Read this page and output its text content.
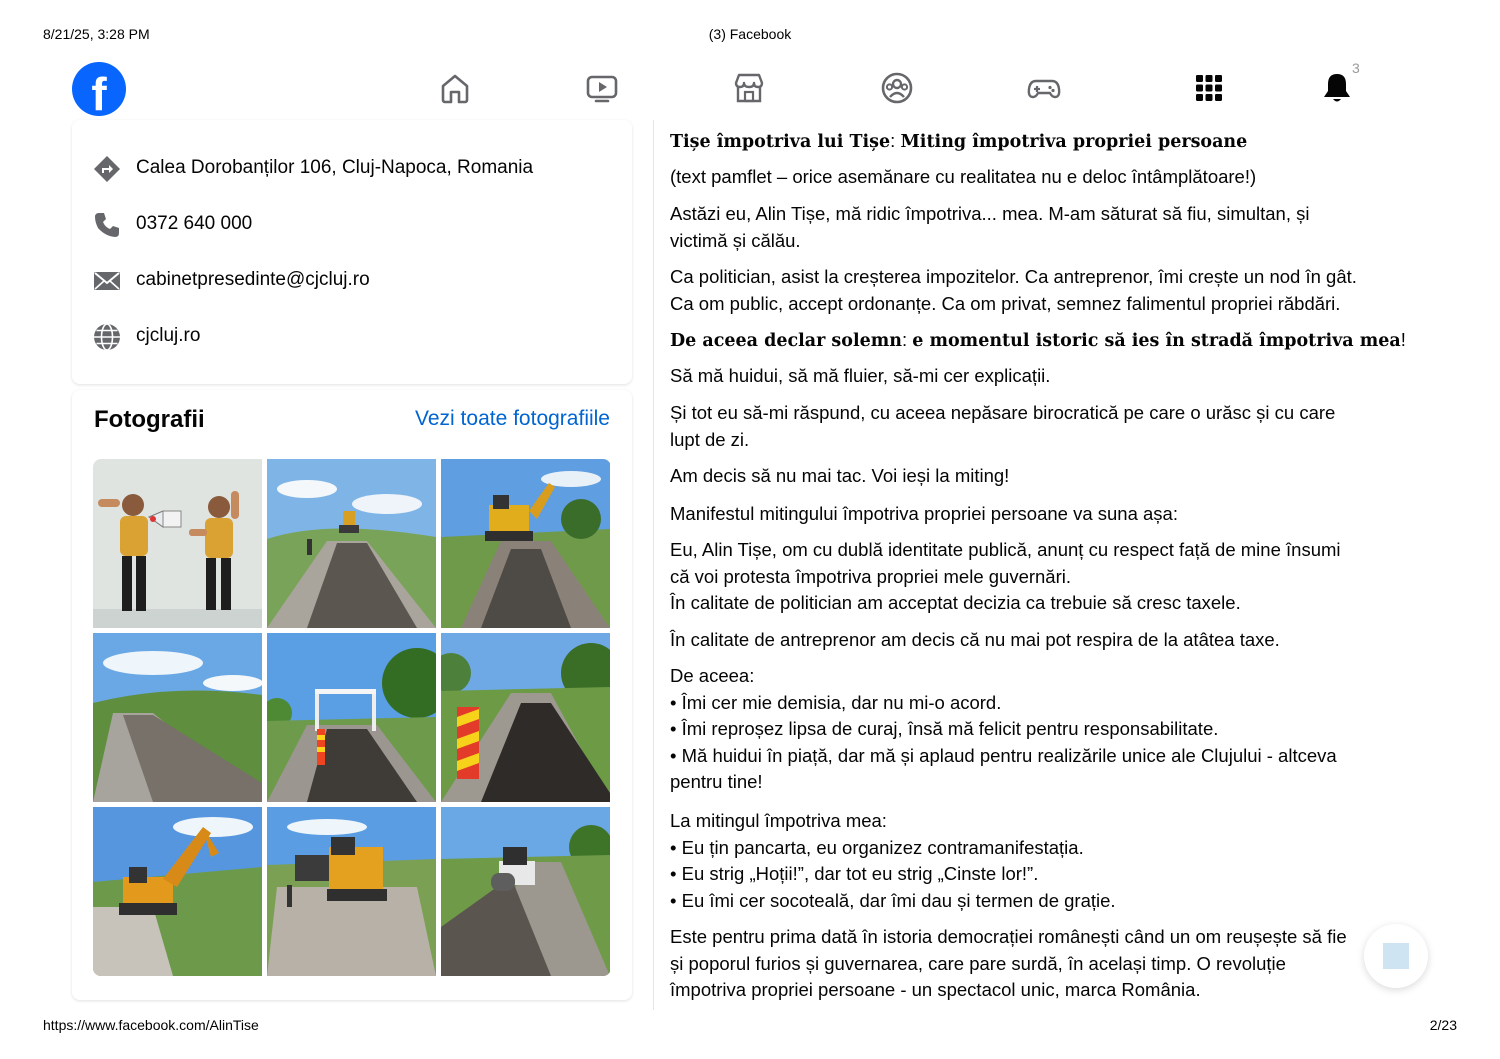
8/21/25, 3:28 PM	(3) Facebook
f	3
Calea Dorobanților 106, Cluj-Napoca, Romania
0372 640 000
cabinetpresedinte@cjcluj.ro
cjcluj.ro
Fotografii	Vezi toate fotografiile
Tișe împotriva lui Tișe: Miting împotriva propriei persoane
(text pamflet – orice asemănare cu realitatea nu e deloc întâmplătoare!)
Astăzi eu, Alin Tișe, mă ridic împotriva... mea. M-am săturat să fiu, simultan, și
victimă și călău.
Ca politician, asist la creșterea impozitelor. Ca antreprenor, îmi crește un nod în gât.
Ca om public, accept ordonanțe. Ca om privat, semnez falimentul propriei răbdări.
De aceea declar solemn: e momentul istoric să ies în stradă împotriva mea!
Să mă huidui, să mă fluier, să-mi cer explicații.
Și tot eu să-mi răspund, cu aceea nepăsare birocratică pe care o urăsc și cu care
lupt de zi.
Am decis să nu mai tac. Voi ieși la miting!
Manifestul mitingului împotriva propriei persoane va suna așa:
Eu, Alin Tișe, om cu dublă identitate publică, anunț cu respect față de mine însumi
că voi protesta împotriva propriei mele guvernări.
În calitate de politician am acceptat decizia ca trebuie să cresc taxele.
În calitate de antreprenor am decis că nu mai pot respira de la atâtea taxe.
De aceea:
• Îmi cer mie demisia, dar nu mi-o acord.
• Îmi reproșez lipsa de curaj, însă mă felicit pentru responsabilitate.
• Mă huidui în piață, dar mă și aplaud pentru realizările unice ale Clujului - altceva
pentru tine!
La mitingul împotriva mea:
• Eu țin pancarta, eu organizez contramanifestația.
• Eu strig „Hoții!”, dar tot eu strig „Cinste lor!”.
• Eu îmi cer socoteală, dar îmi dau și termen de grație.
Este pentru prima dată în istoria democrației românești când un om reușește să fie
și poporul furios și guvernarea, care pare surdă, în același timp. O revoluție
împotriva propriei persoane - un spectacol unic, marca România.
https://www.facebook.com/AlinTise	2/23
